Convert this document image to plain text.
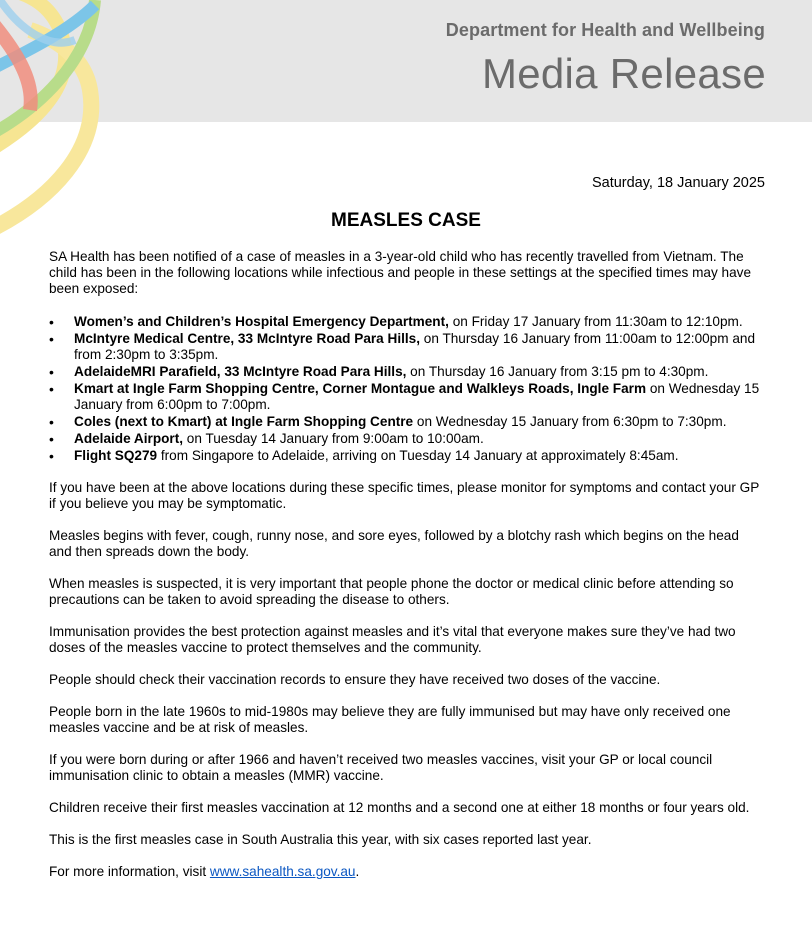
Department for Health and Wellbeing
Media Release
Saturday, 18 January 2025
MEASLES CASE

SA Health has been notified of a case of measles in a 3-year-old child who has recently travelled from Vietnam. The child has been in the following locations while infectious and people in these settings at the specified times may have been exposed:

• Women’s and Children’s Hospital Emergency Department, on Friday 17 January from 11:30am to 12:10pm.
• McIntyre Medical Centre, 33 McIntyre Road Para Hills, on Thursday 16 January from 11:00am to 12:00pm and from 2:30pm to 3:35pm.
• AdelaideMRI Parafield, 33 McIntyre Road Para Hills, on Thursday 16 January from 3:15 pm to 4:30pm.
• Kmart at Ingle Farm Shopping Centre, Corner Montague and Walkleys Roads, Ingle Farm on Wednesday 15 January from 6:00pm to 7:00pm.
• Coles (next to Kmart) at Ingle Farm Shopping Centre on Wednesday 15 January from 6:30pm to 7:30pm.
• Adelaide Airport, on Tuesday 14 January from 9:00am to 10:00am.
• Flight SQ279 from Singapore to Adelaide, arriving on Tuesday 14 January at approximately 8:45am.

If you have been at the above locations during these specific times, please monitor for symptoms and contact your GP if you believe you may be symptomatic.

Measles begins with fever, cough, runny nose, and sore eyes, followed by a blotchy rash which begins on the head and then spreads down the body.

When measles is suspected, it is very important that people phone the doctor or medical clinic before attending so precautions can be taken to avoid spreading the disease to others.

Immunisation provides the best protection against measles and it’s vital that everyone makes sure they’ve had two doses of the measles vaccine to protect themselves and the community.

People should check their vaccination records to ensure they have received two doses of the vaccine.

People born in the late 1960s to mid-1980s may believe they are fully immunised but may have only received one measles vaccine and be at risk of measles.

If you were born during or after 1966 and haven’t received two measles vaccines, visit your GP or local council immunisation clinic to obtain a measles (MMR) vaccine.

Children receive their first measles vaccination at 12 months and a second one at either 18 months or four years old.

This is the first measles case in South Australia this year, with six cases reported last year.

For more information, visit www.sahealth.sa.gov.au.
